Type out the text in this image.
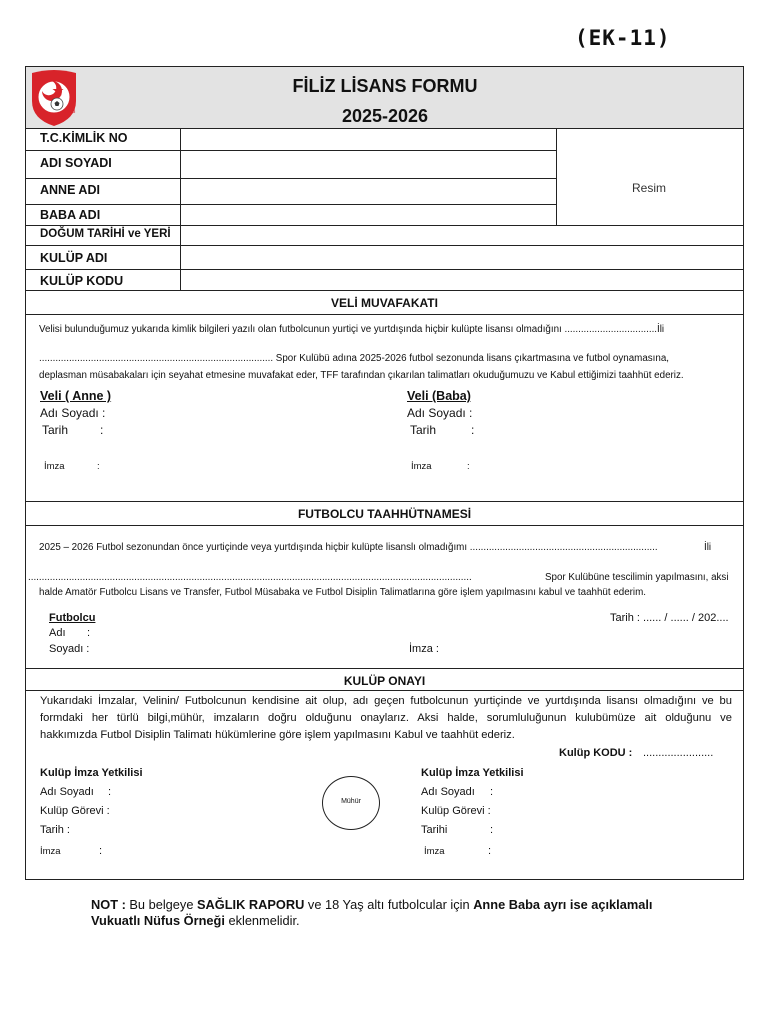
(EK-11)
1923
FİLİZ LİSANS FORMU
2025-2026
T.C.KİMLİK NO
ADI SOYADI
ANNE ADI
BABA ADI
DOĞUM TARİHİ ve YERİ
KULÜP ADI
KULÜP KODU
Resim
VELİ MUVAFAKATI
Velisi bulunduğumuz yukarıda kimlik bilgileri yazılı olan futbolcunun yurtiçi ve yurtdışında hiçbir kulüpte lisansı olmadığını ..................................İli
...................................................................................... Spor Kulübü adına 2025-2026 futbol sezonunda lisans çıkartmasına ve futbol oynamasına,
deplasman müsabakaları için seyahat etmesine muvafakat eder, TFF tarafından çıkarılan talimatları okuduğumuzu ve Kabul ettiğimizi taahhüt ederiz.
Veli ( Anne )
Adı Soyadı :
Tarih	:
İmza	:
Veli (Baba)
Adı Soyadı :
Tarih	:
İmza	:
FUTBOLCU TAAHHÜTNAMESİ
2025 – 2026 Futbol sezonundan önce yurtiçinde veya yurtdışında hiçbir kulüpte lisanslı olmadığımı .....................................................................	İli
...................................................................................................................................................................	Spor Kulübüne tescilimin yapılmasını, aksi
halde Amatör Futbolcu Lisans ve Transfer, Futbol Müsabaka ve Futbol Disiplin Talimatlarına göre işlem yapılmasını kabul ve taahhüt ederim.
Futbolcu	Tarih : ...... / ...... / 202....
Adı :
Soyadı :	İmza :
KULÜP ONAYI
Yukarıdaki İmzalar, Velinin/ Futbolcunun kendisine ait olup, adı geçen futbolcunun yurtiçinde ve yurtdışında lisansı olmadığını ve bu
formdaki her türlü bilgi,mühür, imzaların doğru olduğunu onaylarız. Aksi halde, sorumluluğunun kulubümüze ait olduğunu ve
hakkımızda Futbol Disiplin Talimatı hükümlerine göre işlem yapılmasını Kabul ve taahhüt ederiz.
Kulüp KODU : .......................
Kulüp İmza Yetkilisi
Adı Soyadı :
Kulüp Görevi :
Tarih :
İmza	:
Mühür
Kulüp İmza Yetkilisi
Adı Soyadı :
Kulüp Görevi :
Tarihi	:
İmza	:
NOT : Bu belgeye SAĞLIK RAPORU ve 18 Yaş altı futbolcular için Anne Baba ayrı ise açıklamalı Vukuatlı Nüfus Örneği eklenmelidir.
